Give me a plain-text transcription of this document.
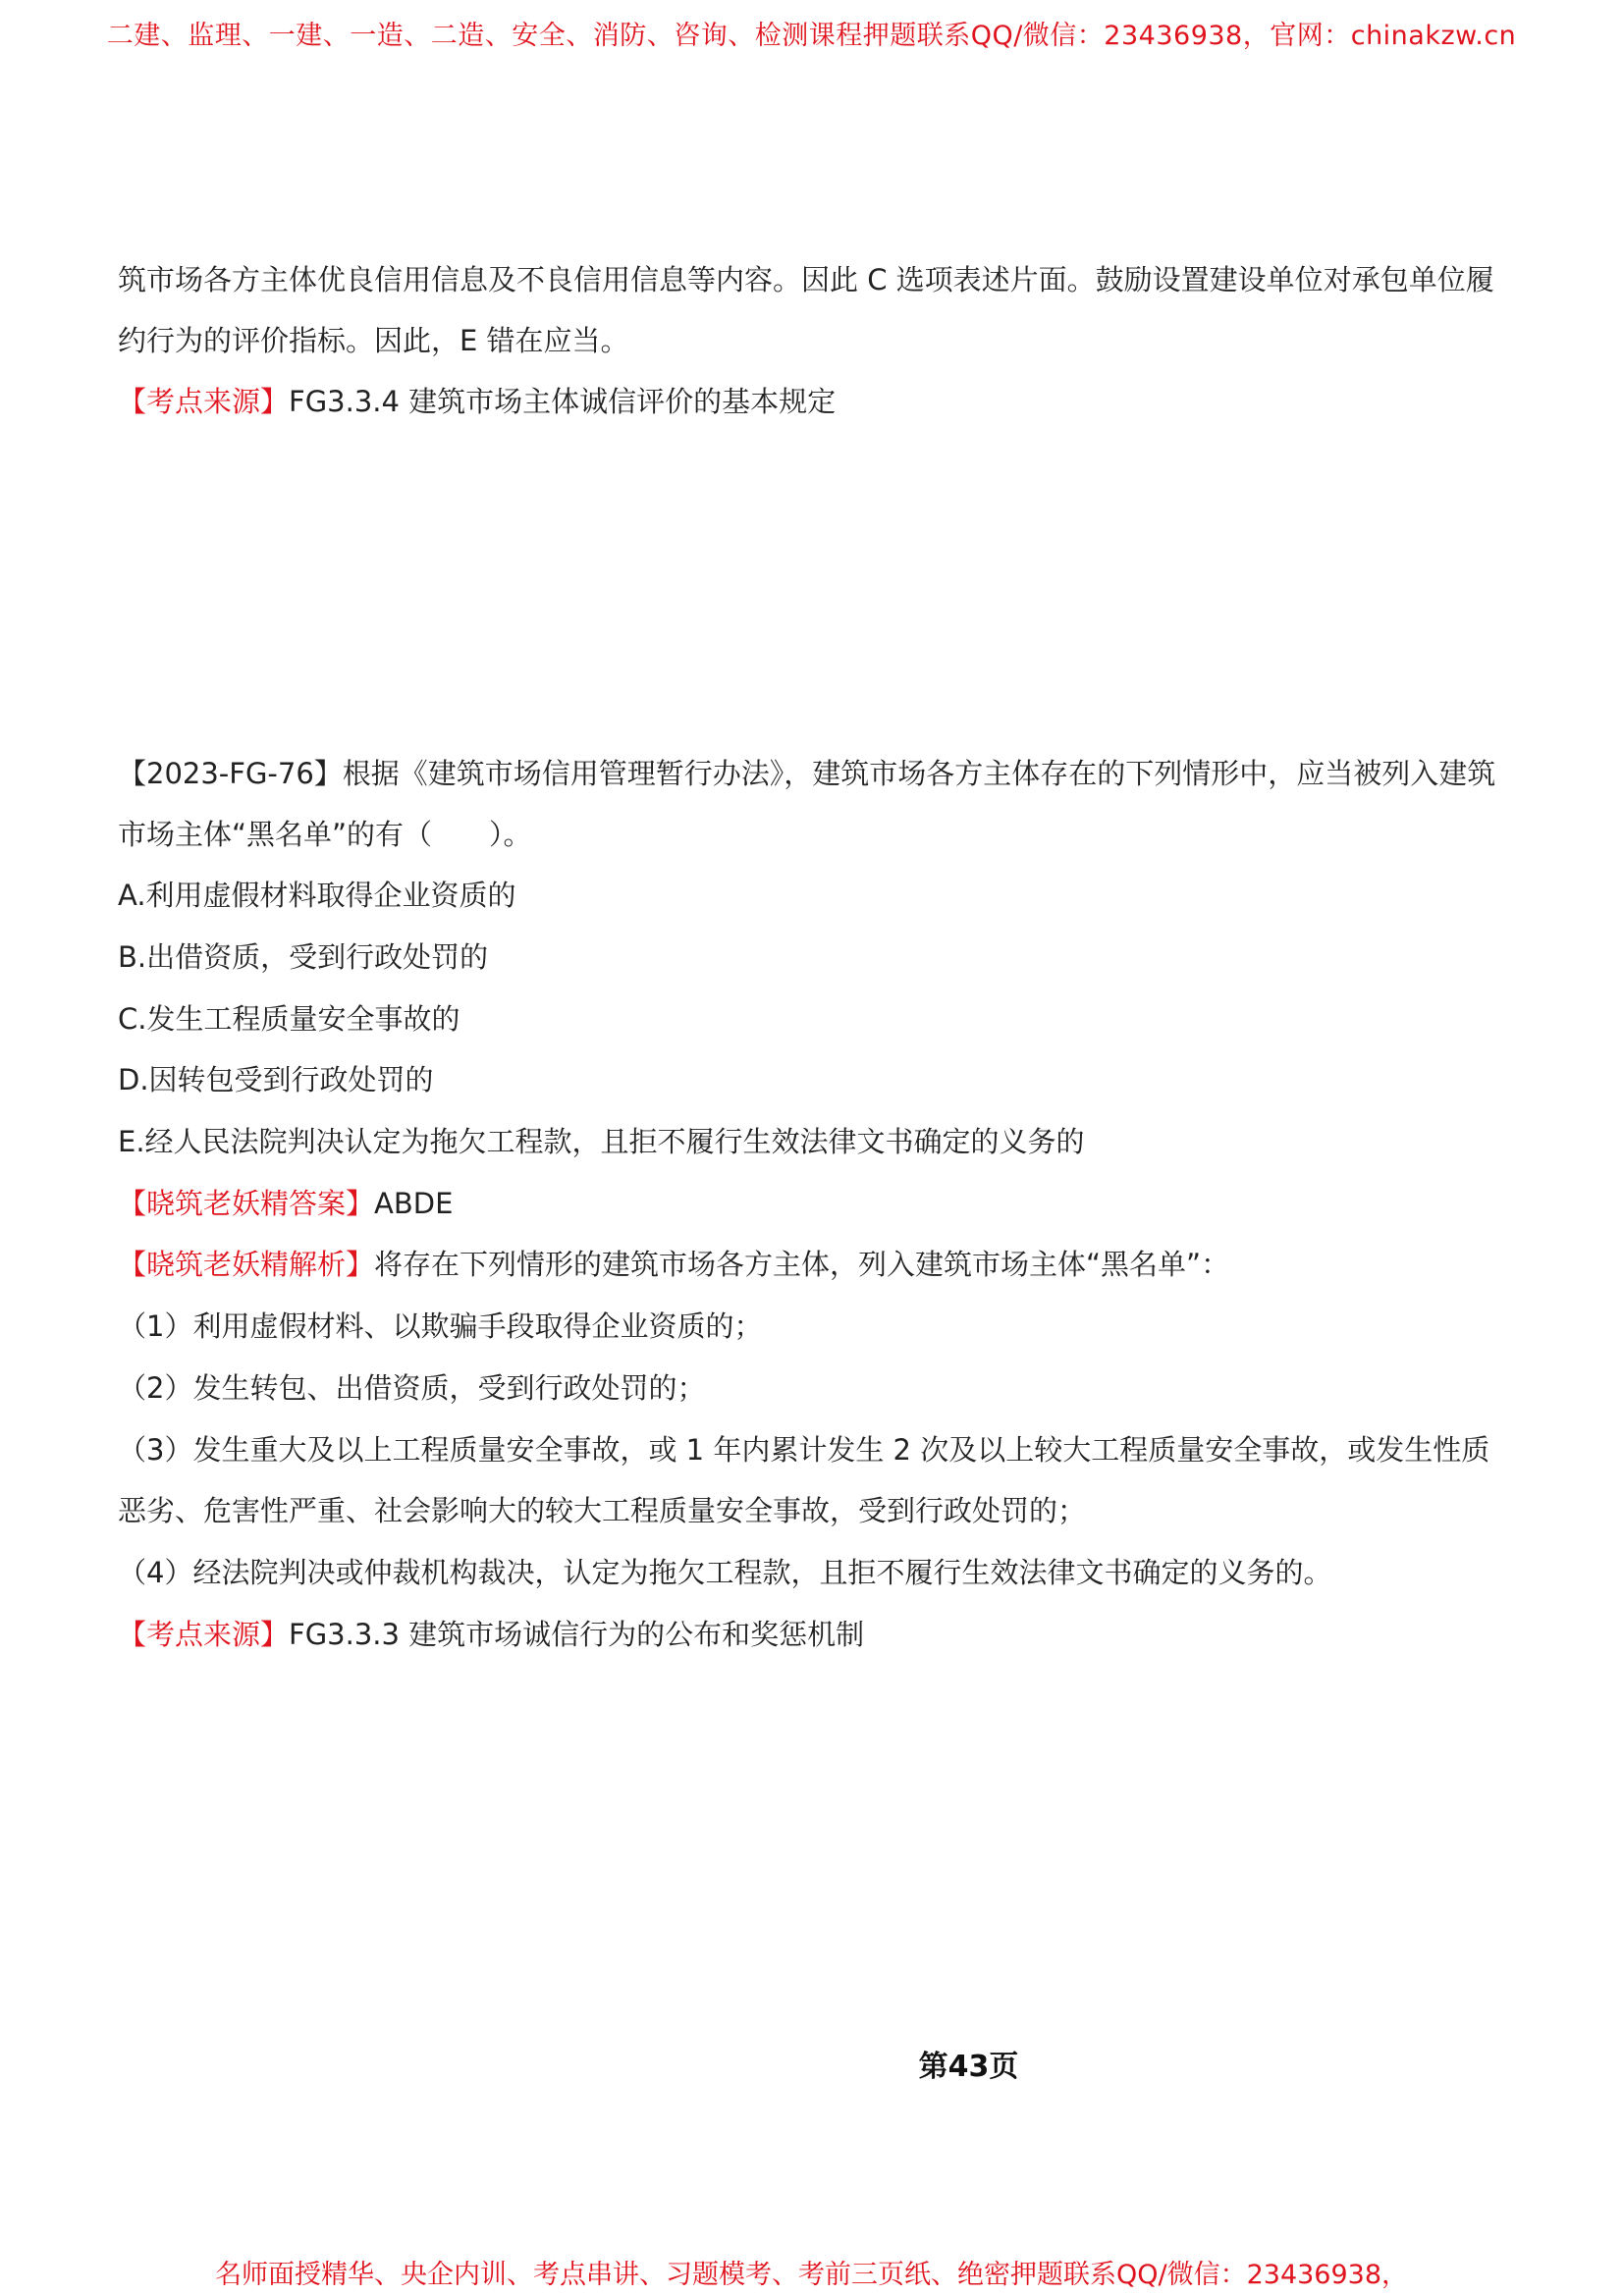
二建、监理、一建、一造、二造、安全、消防、咨询、检测课程押题联系QQ/微信：23436938，官网：chinakzw.cn
筑市场各方主体优良信用信息及不良信用信息等内容。因此 C 选项表述片面。鼓励设置建设单位对承包单位履
约行为的评价指标。因此，E 错在应当。
【考点来源】FG3.3.4 建筑市场主体诚信评价的基本规定
【2023-FG-76】根据《建筑市场信用管理暂行办法》，建筑市场各方主体存在的下列情形中，应当被列入建筑
市场主体“黑名单”的有（　　）。
A.利用虚假材料取得企业资质的
B.出借资质，受到行政处罚的
C.发生工程质量安全事故的
D.因转包受到行政处罚的
E.经人民法院判决认定为拖欠工程款，且拒不履行生效法律文书确定的义务的
【晓筑老妖精答案】ABDE
【晓筑老妖精解析】将存在下列情形的建筑市场各方主体，列入建筑市场主体“黑名单”：
（1）利用虚假材料、以欺骗手段取得企业资质的；
（2）发生转包、出借资质，受到行政处罚的；
（3）发生重大及以上工程质量安全事故，或 1 年内累计发生 2 次及以上较大工程质量安全事故，或发生性质
恶劣、危害性严重、社会影响大的较大工程质量安全事故，受到行政处罚的；
（4）经法院判决或仲裁机构裁决，认定为拖欠工程款，且拒不履行生效法律文书确定的义务的。
【考点来源】FG3.3.3 建筑市场诚信行为的公布和奖惩机制
第43页
名师面授精华、央企内训、考点串讲、习题模考、考前三页纸、绝密押题联系QQ/微信：23436938，
